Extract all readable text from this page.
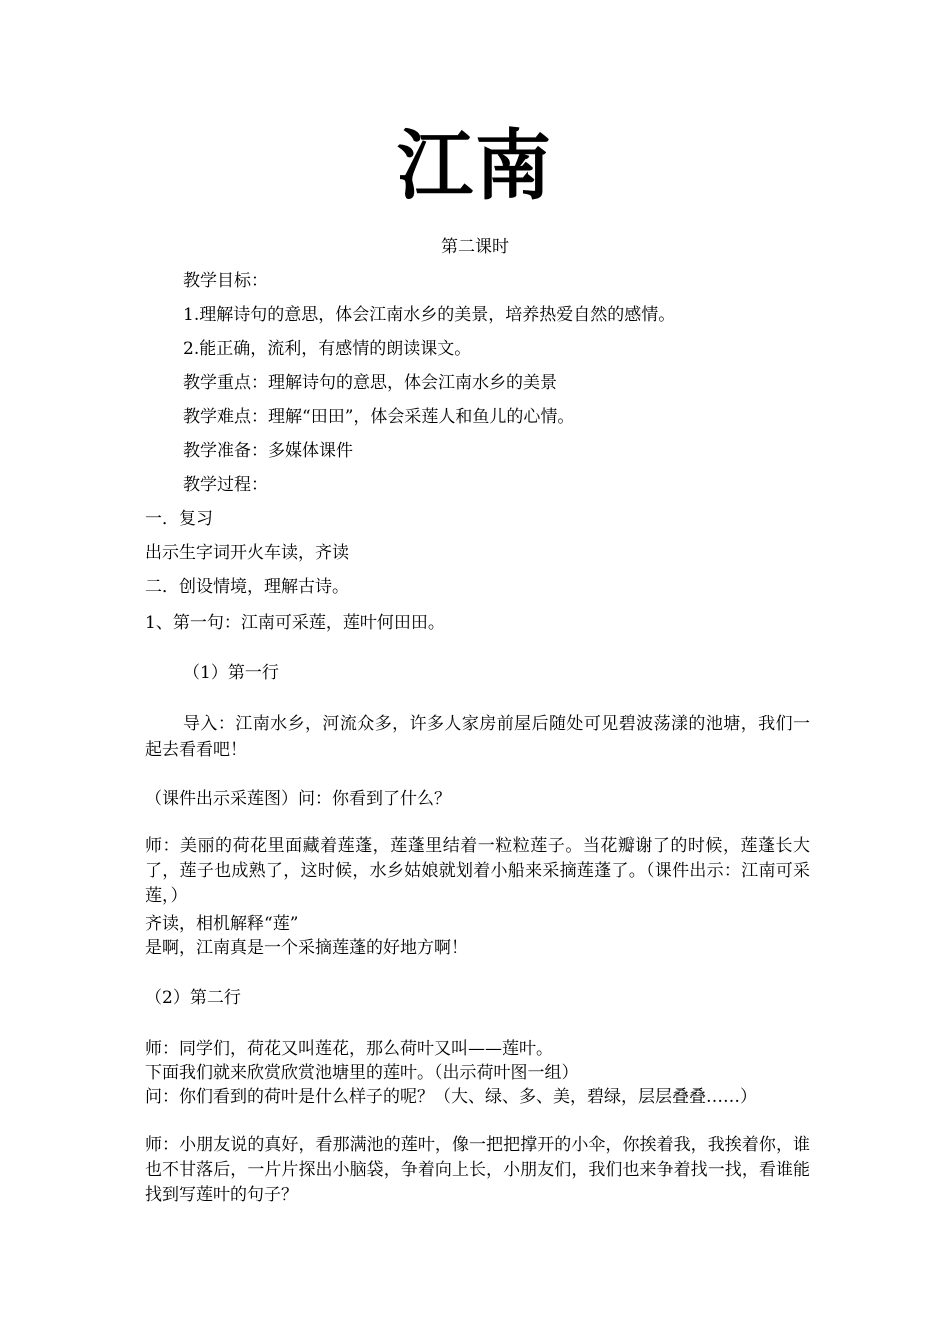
江南
第二课时
教学目标：
1.理解诗句的意思，体会江南水乡的美景，培养热爱自然的感情。
2.能正确，流利，有感情的朗读课文。
教学重点：理解诗句的意思，体会江南水乡的美景
教学难点：理解“田田”，体会采莲人和鱼儿的心情。
教学准备：多媒体课件
教学过程：
一．复习
出示生字词开火车读，齐读
二．创设情境，理解古诗。
1、第一句：江南可采莲，莲叶何田田。
（1）第一行
导入：江南水乡，河流众多，许多人家房前屋后随处可见碧波荡漾的池塘，我们一起去看看吧！
（课件出示采莲图）问：你看到了什么？
师：美丽的荷花里面藏着莲蓬，莲蓬里结着一粒粒莲子。当花瓣谢了的时候，莲蓬长大了，莲子也成熟了，这时候，水乡姑娘就划着小船来采摘莲蓬了。（课件出示：江南可采莲，）
齐读，相机解释“莲”
是啊，江南真是一个采摘莲蓬的好地方啊！
（2）第二行
师：同学们，荷花又叫莲花，那么荷叶又叫——莲叶。
下面我们就来欣赏欣赏池塘里的莲叶。（出示荷叶图一组）
问：你们看到的荷叶是什么样子的呢？（大、绿、多、美，碧绿，层层叠叠……）
师：小朋友说的真好，看那满池的莲叶，像一把把撑开的小伞，你挨着我，我挨着你，谁也不甘落后，一片片探出小脑袋，争着向上长，小朋友们，我们也来争着找一找，看谁能找到写莲叶的句子？
